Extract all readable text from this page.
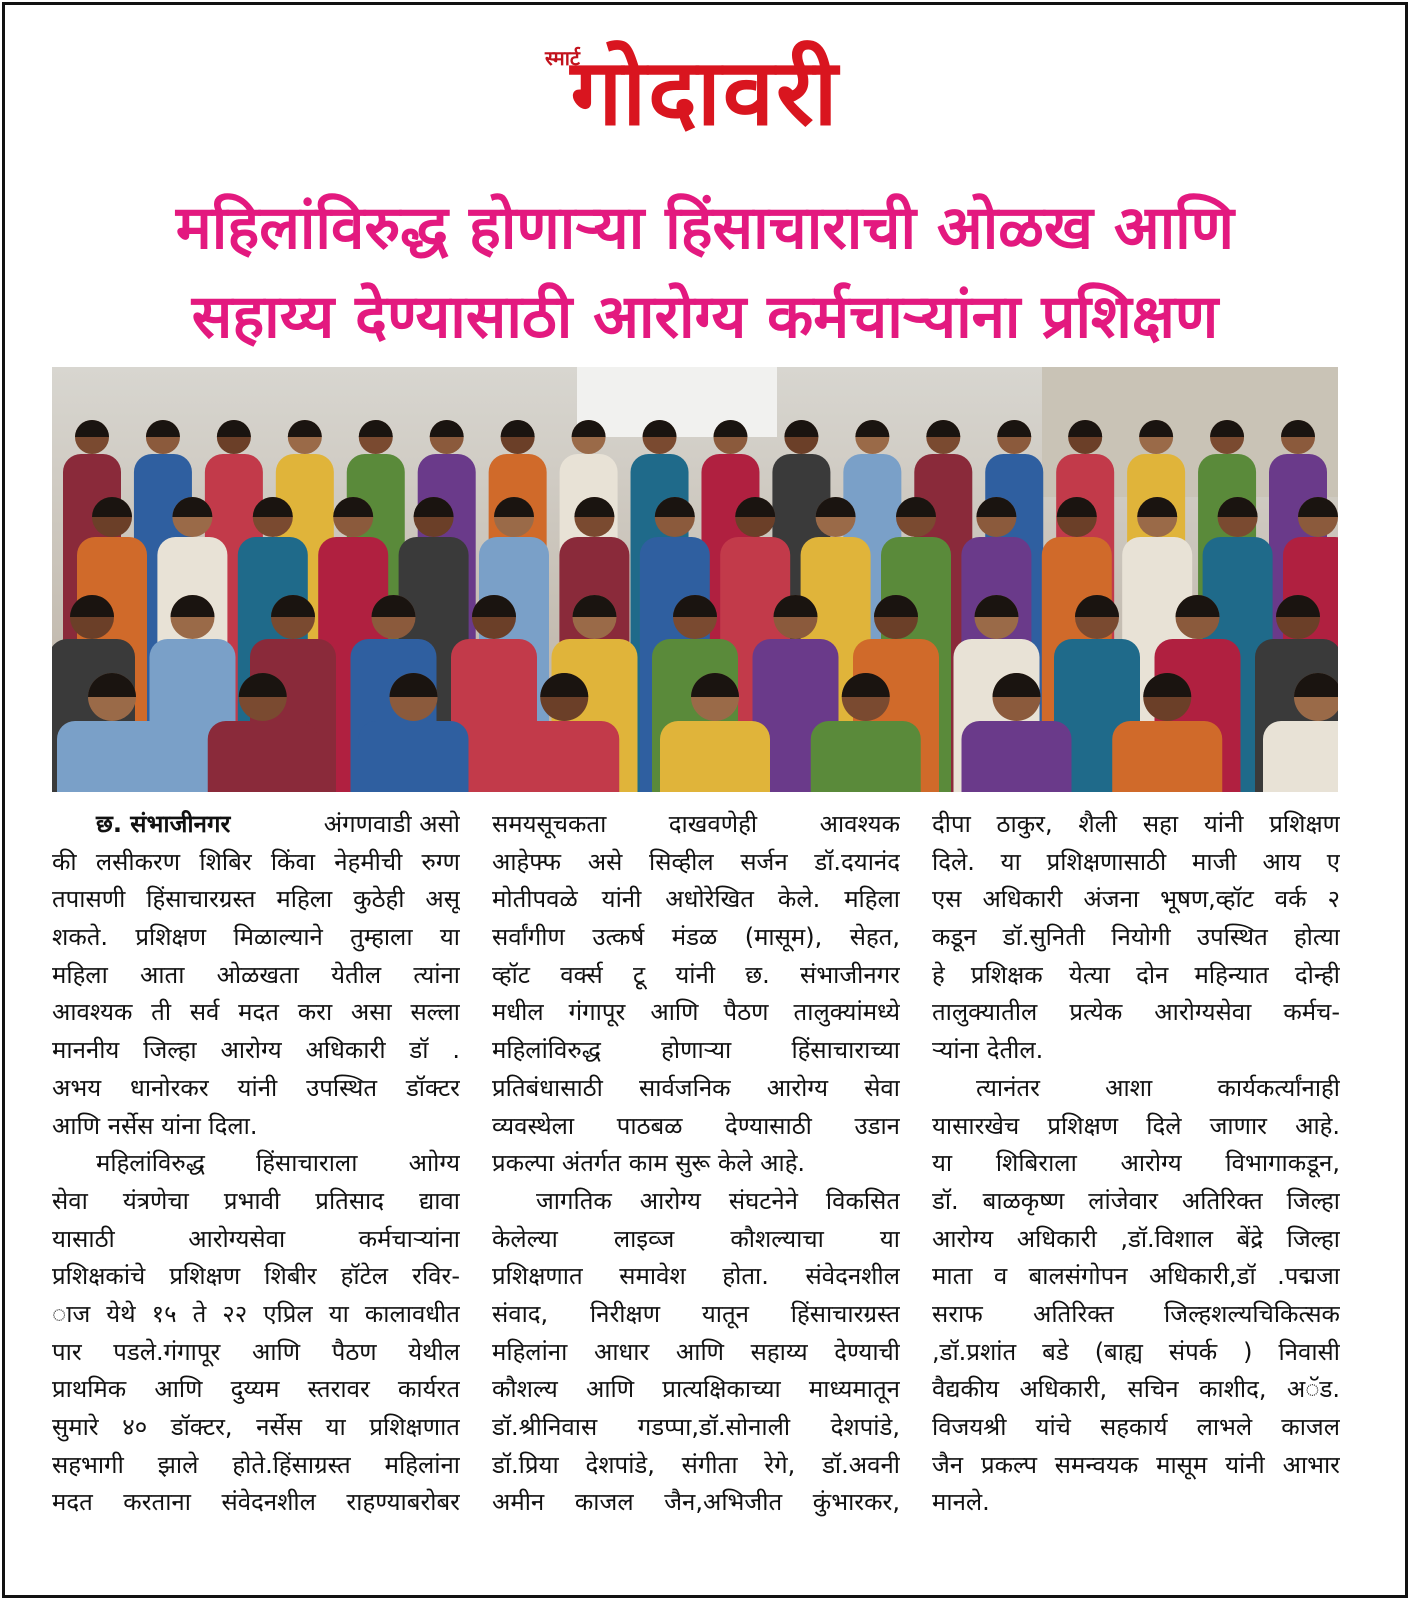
स्मार्ट
गोदावरी
महिलांविरुद्ध होणाऱ्या हिंसाचाराची ओळख आणि
सहाय्य देण्यासाठी आरोग्य कर्मचाऱ्यांना प्रशिक्षण
छ. संभाजीनगर	अंगणवाडी असो
की लसीकरण शिबिर किंवा नेहमीची रुग्ण
तपासणी हिंसाचारग्रस्त महिला कुठेही असू
शकते. प्रशिक्षण मिळाल्याने तुम्हाला या
महिला आता ओळखता येतील त्यांना
आवश्यक ती सर्व मदत करा असा सल्ला
माननीय जिल्हा आरोग्य अधिकारी डॉ .
अभय धानोरकर यांनी उपस्थित डॉक्टर
आणि नर्सेस यांना दिला.
महिलांविरुद्ध हिंसाचाराला आोग्य
सेवा यंत्रणेचा प्रभावी प्रतिसाद द्यावा
यासाठी आरोग्यसेवा कर्मचाऱ्यांना
प्रशिक्षकांचे प्रशिक्षण शिबीर हॉटेल रविर-
ाज येथे १५ ते २२ एप्रिल या कालावधीत
पार पडले.गंगापूर आणि पैठण येथील
प्राथमिक आणि दुय्यम स्तरावर कार्यरत
सुमारे ४० डॉक्टर, नर्सेस या प्रशिक्षणात
सहभागी झाले होते.हिंसाग्रस्त महिलांना
मदत करताना संवेदनशील राहण्याबरोबर
समयसूचकता दाखवणेही आवश्यक
आहेफ्फ असे सिव्हील सर्जन डॉ.दयानंद
मोतीपवळे यांनी अधोरेखित केले. महिला
सर्वांगीण उत्कर्ष मंडळ (मासूम), सेहत,
व्हॉट वर्क्स टू यांनी छ. संभाजीनगर
मधील गंगापूर आणि पैठण तालुक्यांमध्ये
महिलांविरुद्ध होणाऱ्या हिंसाचाराच्या
प्रतिबंधासाठी सार्वजनिक आरोग्य सेवा
व्यवस्थेला पाठबळ देण्यासाठी उडान
प्रकल्पा अंतर्गत काम सुरू केले आहे.
जागतिक आरोग्य संघटनेने विकसित
केलेल्या लाइव्ज कौशल्याचा या
प्रशिक्षणात समावेश होता. संवेदनशील
संवाद, निरीक्षण यातून हिंसाचारग्रस्त
महिलांना आधार आणि सहाय्य देण्याची
कौशल्य आणि प्रात्यक्षिकाच्या माध्यमातून
डॉ.श्रीनिवास गडप्पा,डॉ.सोनाली देशपांडे,
डॉ.प्रिया देशपांडे, संगीता रेगे, डॉ.अवनी
अमीन काजल जैन,अभिजीत कुंभारकर,
दीपा ठाकुर, शैली सहा यांनी प्रशिक्षण
दिले. या प्रशिक्षणासाठी माजी आय ए
एस अधिकारी अंजना भूषण,व्हॉट वर्क २
कडून डॉ.सुनिती नियोगी उपस्थित होत्या
हे प्रशिक्षक येत्या दोन महिन्यात दोन्ही
तालुक्यातील प्रत्येक आरोग्यसेवा कर्मच-
ऱ्यांना देतील.
त्यानंतर आशा कार्यकर्त्यांनाही
यासारखेच प्रशिक्षण दिले जाणार आहे.
या शिबिराला आरोग्य विभागाकडून,
डॉ. बाळकृष्ण लांजेवार अतिरिक्त जिल्हा
आरोग्य अधिकारी ,डॉ.विशाल बेंद्रे जिल्हा
माता व बालसंगोपन अधिकारी,डॉ .पद्मजा
सराफ अतिरिक्त जिल्हशल्यचिकित्सक
,डॉ.प्रशांत बडे (बाह्य संपर्क ) निवासी
वैद्यकीय अधिकारी, सचिन काशीद, अॅड.
विजयश्री यांचे सहकार्य लाभले काजल
जैन प्रकल्प समन्वयक मासूम यांनी आभार
मानले.
